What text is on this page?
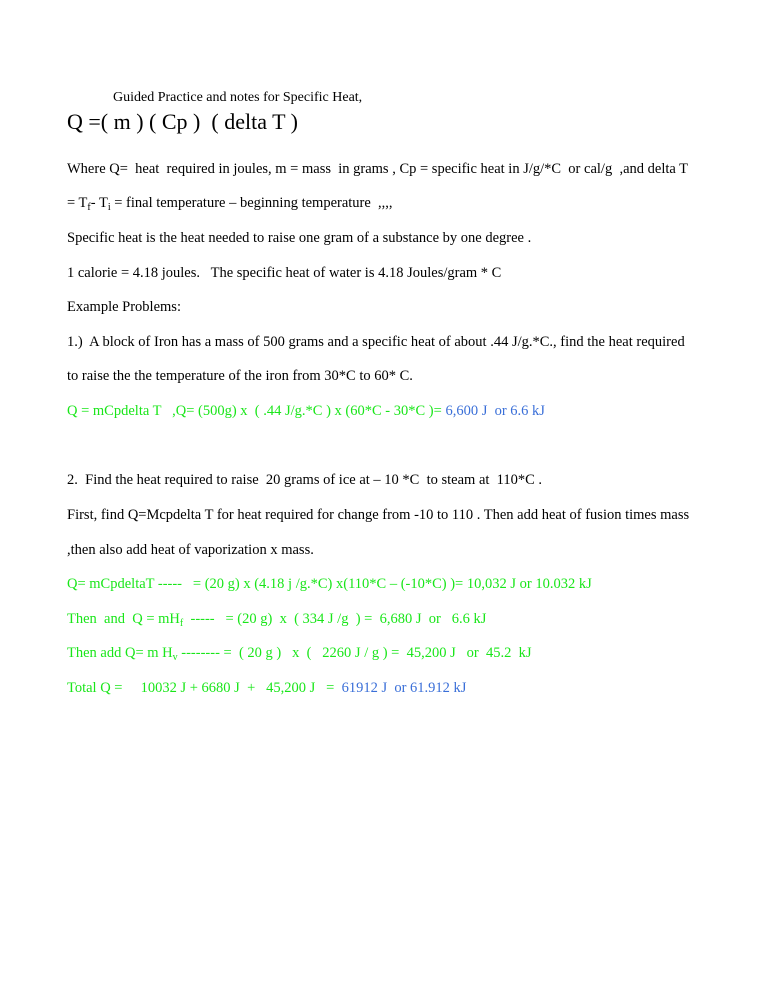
Guided Practice and notes for Specific Heat,
Q =( m ) ( Cp )  ( delta T )
Where Q=  heat  required in joules, m = mass  in grams , Cp = specific heat in J/g/*C  or cal/g  ,and delta T
= $T_f-$ $T_i$ = final temperature – beginning temperature  ,,,,
Specific heat is the heat needed to raise one gram of a substance by one degree .
1 calorie = 4.18 joules.   The specific heat of water is 4.18 Joules/gram * C
Example Problems:
1.)  A block of Iron has a mass of 500 grams and a specific heat of about .44 J/g.*C., find the heat required
to raise the the temperature of the iron from 30*C to 60* C.
Q = mCpdelta T   ,Q= (500g) x  ( .44 J/g.*C ) x (60*C - 30*C )= 6,600 J  or 6.6 kJ
2.  Find the heat required to raise  20 grams of ice at – 10 *C  to steam at  110*C .
First, find Q=Mcpdelta T for heat required for change from -10 to 110 . Then add heat of fusion times mass
,then also add heat of vaporization x mass.
Q= mCpdeltaT -----   = (20 g) x (4.18 j /g.*C) x(110*C – (-10*C) )= 10,032 J or 10.032 kJ
Then  and  $Q = mH_f$  -----   = (20 g)  x  ( 334 J /g  ) =  6,680 J  or   6.6 kJ
Then add Q= m $H_v$ -------- =  ( 20 g )   x  (   2260 J / g ) =  45,200 J   or  45.2  kJ
Total Q =     10032 J + 6680 J  +   45,200 J   =  61912 J  or 61.912 kJ
